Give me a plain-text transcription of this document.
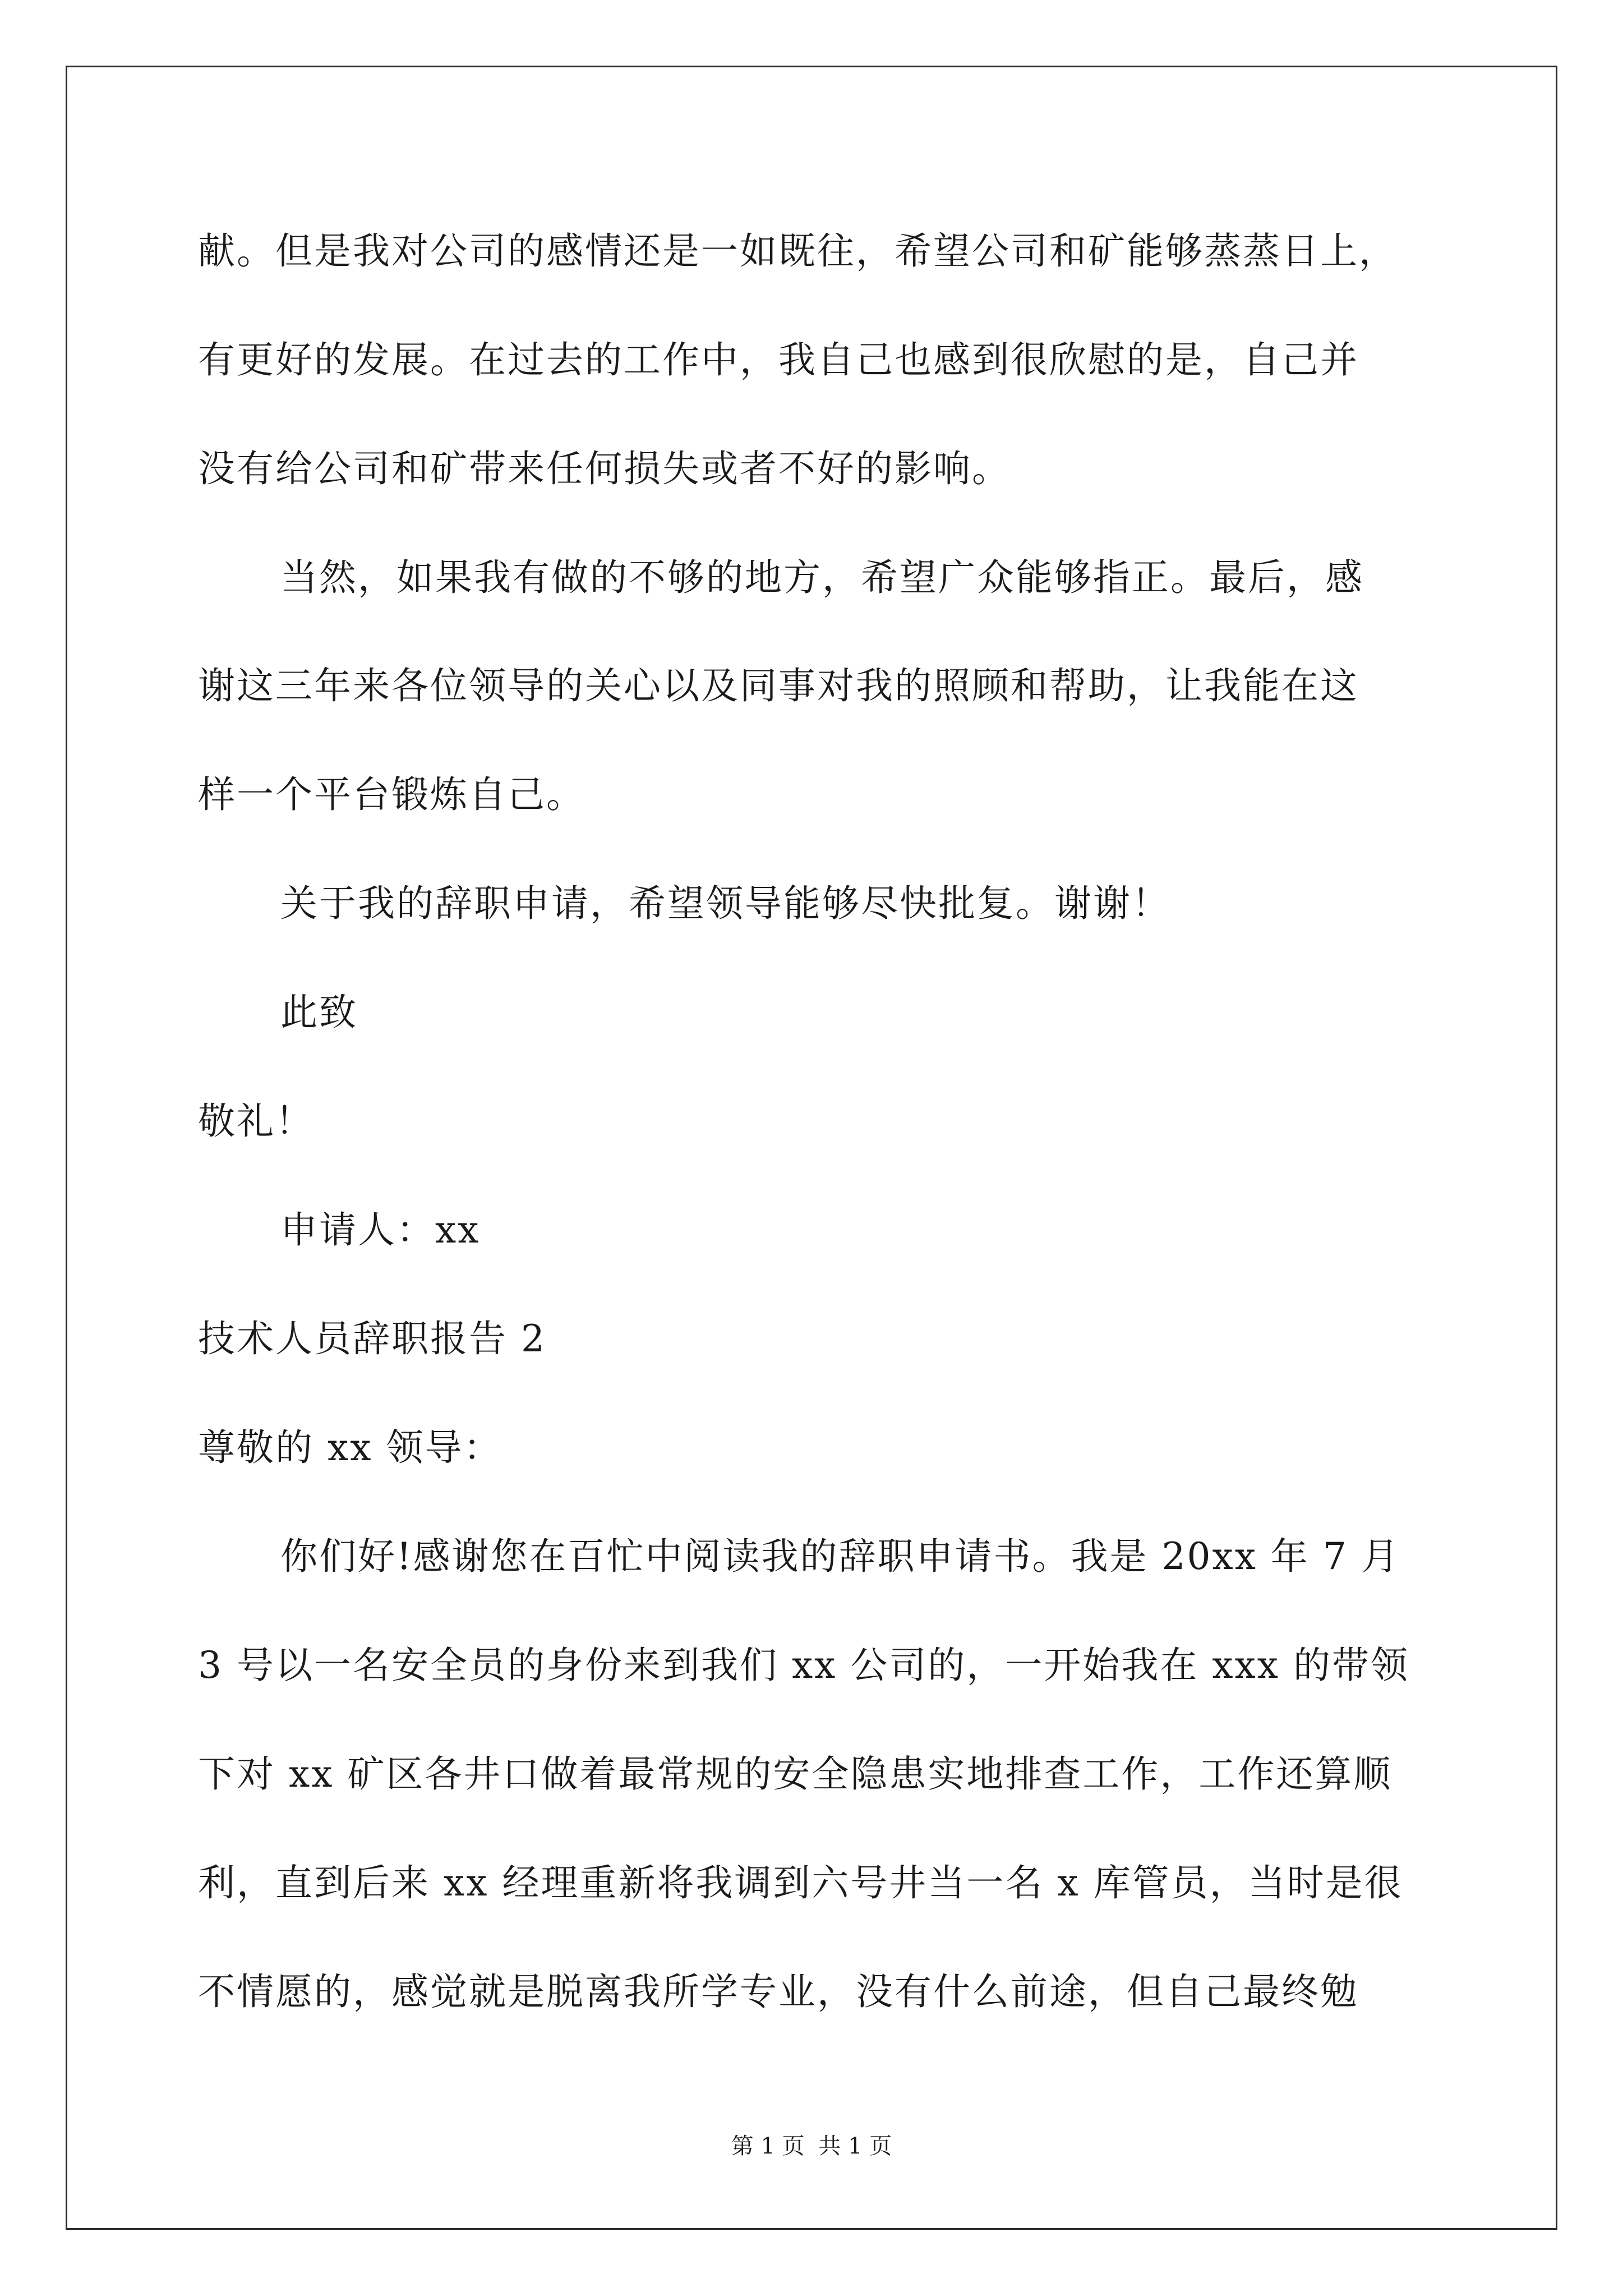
献。但是我对公司的感情还是一如既往，希望公司和矿能够蒸蒸日上，
有更好的发展。在过去的工作中，我自己也感到很欣慰的是，自己并
没有给公司和矿带来任何损失或者不好的影响。
当然，如果我有做的不够的地方，希望广众能够指正。最后，感
谢这三年来各位领导的关心以及同事对我的照顾和帮助，让我能在这
样一个平台锻炼自己。
关于我的辞职申请，希望领导能够尽快批复。谢谢！
此致
敬礼！
申请人：xx
技术人员辞职报告 2
尊敬的 xx 领导：
你们好!感谢您在百忙中阅读我的辞职申请书。我是 20xx 年 7 月
3 号以一名安全员的身份来到我们 xx 公司的，一开始我在 xxx 的带领
下对 xx 矿区各井口做着最常规的安全隐患实地排查工作，工作还算顺
利，直到后来 xx 经理重新将我调到六号井当一名 x 库管员，当时是很
不情愿的，感觉就是脱离我所学专业，没有什么前途，但自己最终勉
第 1 页 共 1 页
